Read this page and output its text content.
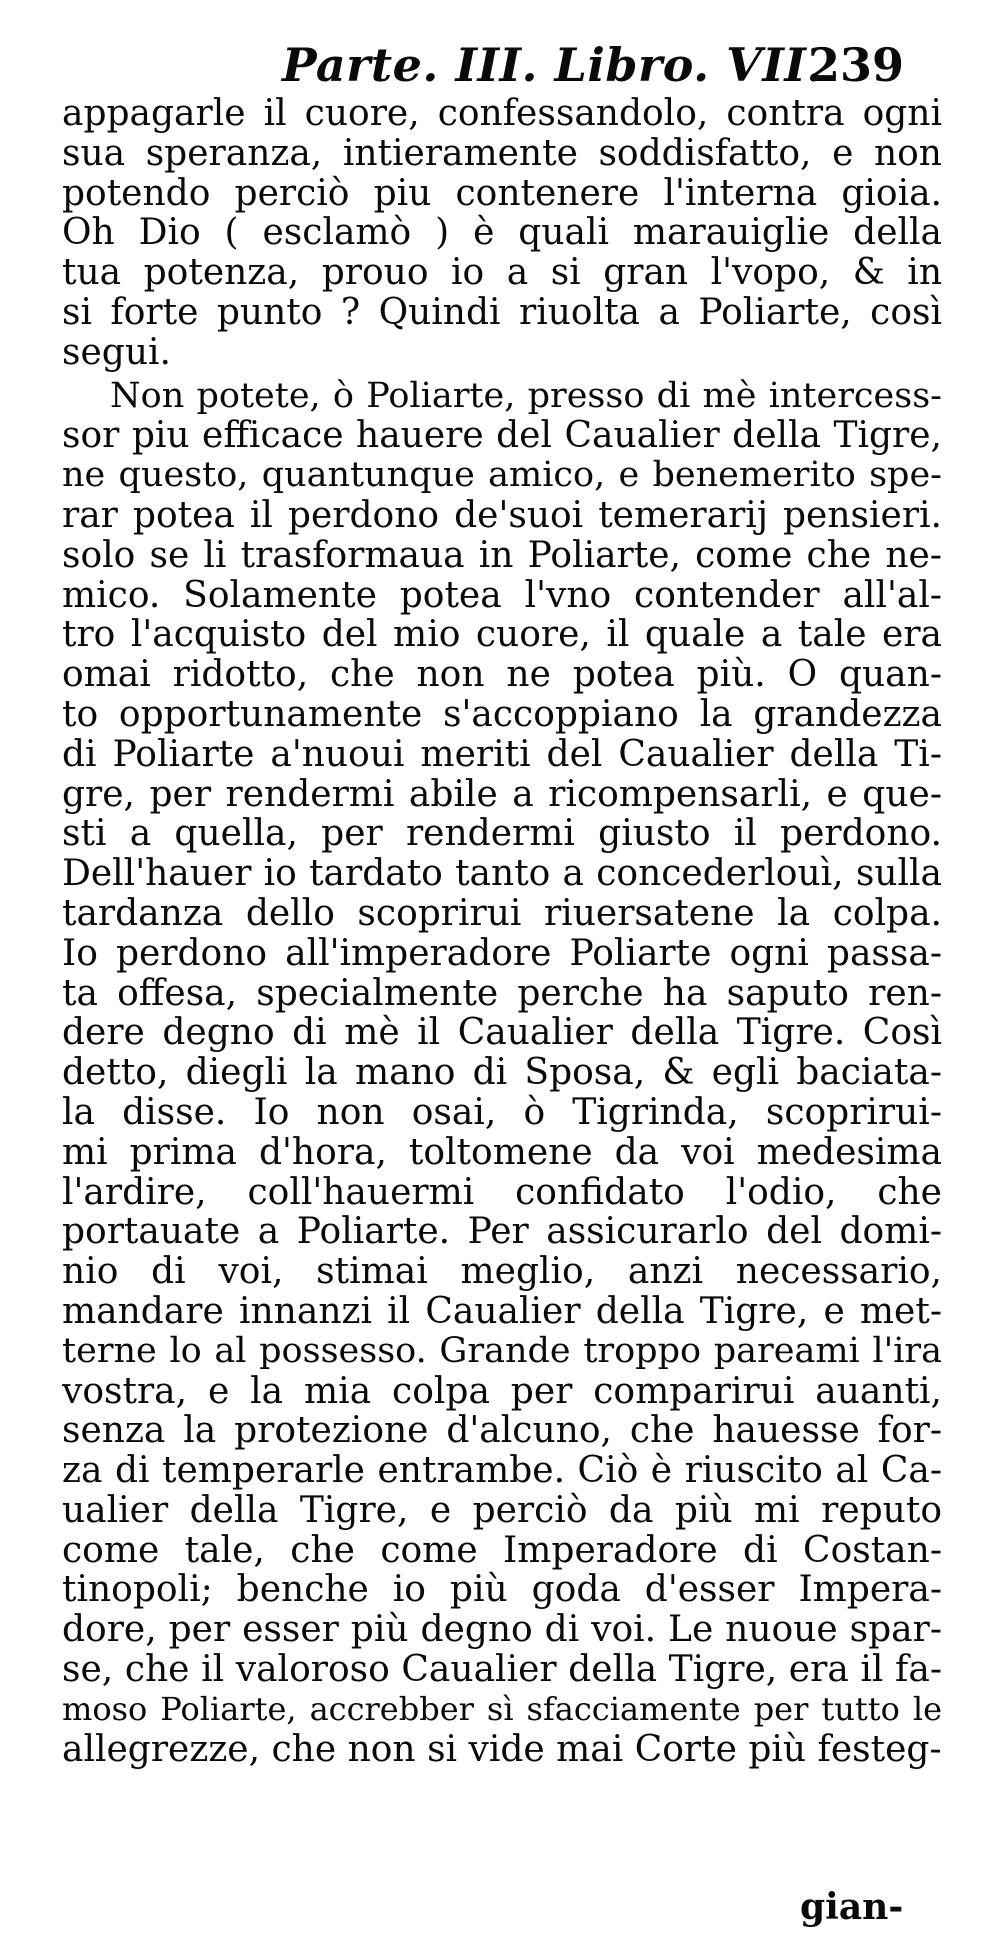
Parte. III. Libro. VII.
239
appagarle il cuore, confessandolo, contra ogni
sua speranza, intieramente soddisfatto, e non
potendo perciò piu contenere l'interna gioia.
Oh Dio ( esclamò ) è quali marauiglie della
tua potenza, prouo io a si gran l'vopo, & in
si forte punto ? Quindi riuolta a Poliarte, così
segui.
Non potete, ò Poliarte, presso di mè intercess-
sor piu efficace hauere del Caualier della Tigre,
ne questo, quantunque amico, e benemerito spe-
rar potea il perdono de'suoi temerarij pensieri.
solo se li trasformaua in Poliarte, come che ne-
mico. Solamente potea l'vno contender all'al-
tro l'acquisto del mio cuore, il quale a tale era
omai ridotto, che non ne potea più. O quan-
to opportunamente s'accoppiano la grandezza
di Poliarte a'nuoui meriti del Caualier della Ti-
gre, per rendermi abile a ricompensarli, e que-
sti a quella, per rendermi giusto il perdono.
Dell'hauer io tardato tanto a concederlouì, sulla
tardanza dello scoprirui riuersatene la colpa.
Io perdono all'imperadore Poliarte ogni passa-
ta offesa, specialmente perche ha saputo ren-
dere degno di mè il Caualier della Tigre. Così
detto, diegli la mano di Sposa, & egli baciata-
la disse. Io non osai, ò Tigrinda, scoprirui-
mi prima d'hora, toltomene da voi medesima
l'ardire, coll'hauermi confidato l'odio, che
portauate a Poliarte. Per assicurarlo del domi-
nio di voi, stimai meglio, anzi necessario,
mandare innanzi il Caualier della Tigre, e met-
terne lo al possesso. Grande troppo pareami l'ira
vostra, e la mia colpa per comparirui auanti,
senza la protezione d'alcuno, che hauesse for-
za di temperarle entrambe. Ciò è riuscito al Ca-
ualier della Tigre, e perciò da più mi reputo
come tale, che come Imperadore di Costan-
tinopoli; benche io più goda d'esser Impera-
dore, per esser più degno di voi. Le nuoue spar-
se, che il valoroso Caualier della Tigre, era il fa-
moso Poliarte, accrebber sì sfacciamente per tutto le
allegrezze, che non si vide mai Corte più festeg-
gian-
